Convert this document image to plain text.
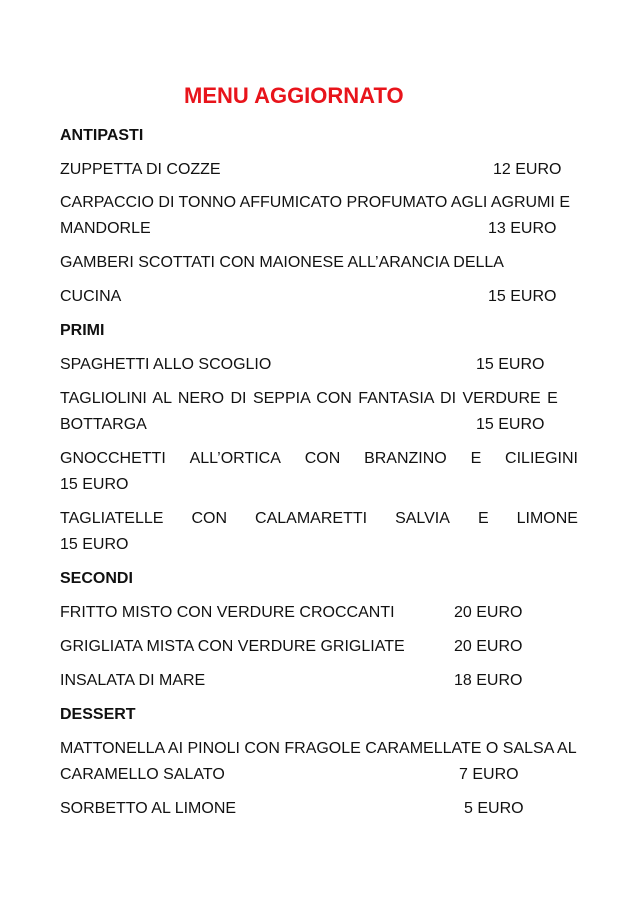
MENU AGGIORNATO
ANTIPASTI
ZUPPETTA DI COZZE	12 EURO
CARPACCIO DI TONNO AFFUMICATO PROFUMATO AGLI AGRUMI E
MANDORLE	13 EURO
GAMBERI SCOTTATI CON MAIONESE ALL’ARANCIA DELLA
CUCINA	15 EURO
PRIMI
SPAGHETTI ALLO SCOGLIO	15 EURO
TAGLIOLINI AL NERO DI SEPPIA CON FANTASIA DI VERDURE E
BOTTARGA	15 EURO
GNOCCHETTI ALL’ORTICA CON BRANZINO E CILIEGINI
15 EURO
TAGLIATELLE CON CALAMARETTI SALVIA E LIMONE
15 EURO
SECONDI
FRITTO MISTO CON VERDURE CROCCANTI	20 EURO
GRIGLIATA MISTA CON VERDURE GRIGLIATE	20 EURO
INSALATA DI MARE	18 EURO
DESSERT
MATTONELLA AI PINOLI CON FRAGOLE CARAMELLATE O SALSA AL
CARAMELLO SALATO	7 EURO
SORBETTO AL LIMONE	5 EURO
